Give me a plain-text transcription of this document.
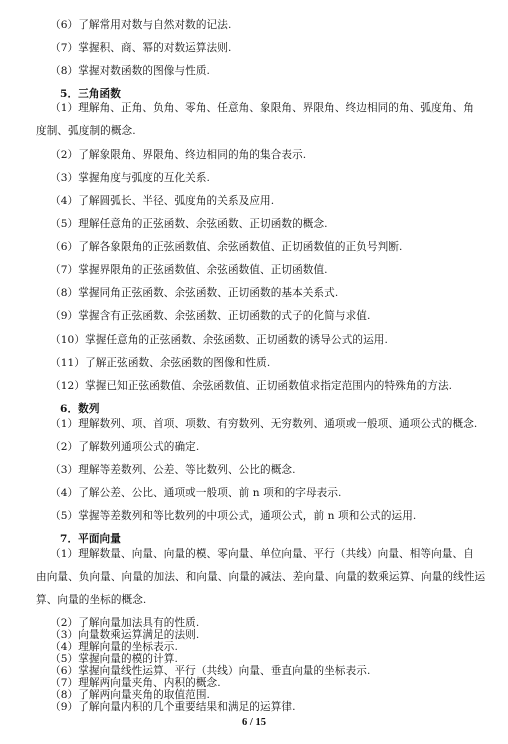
（6）了解常用对数与自然对数的记法.
（7）掌握积、商、幂的对数运算法则.
（8）掌握对数函数的图像与性质.
5．三角函数
（1）理解角、正角、负角、零角、任意角、象限角、界限角、终边相同的角、弧度角、角
度制、弧度制的概念.
（2）了解象限角、界限角、终边相同的角的集合表示.
（3）掌握角度与弧度的互化关系.
（4）了解圆弧长、半径、弧度角的关系及应用.
（5）理解任意角的正弦函数、余弦函数、正切函数的概念.
（6）了解各象限角的正弦函数值、余弦函数值、正切函数值的正负号判断.
（7）掌握界限角的正弦函数值、余弦函数值、正切函数值.
（8）掌握同角正弦函数、余弦函数、正切函数的基本关系式.
（9）掌握含有正弦函数、余弦函数、正切函数的式子的化简与求值.
（10）掌握任意角的正弦函数、余弦函数、正切函数的诱导公式的运用.
（11）了解正弦函数、余弦函数的图像和性质.
（12）掌握已知正弦函数值、余弦函数值、正切函数值求指定范围内的特殊角的方法.
6．数列
（1）理解数列、项、首项、项数、有穷数列、无穷数列、通项或一般项、通项公式的概念.
（2）了解数列通项公式的确定.
（3）理解等差数列、公差、等比数列、公比的概念.
（4）了解公差、公比、通项或一般项、前 n 项和的字母表示.
（5）掌握等差数列和等比数列的中项公式，通项公式，前 n 项和公式的运用.
7．平面向量
（1）理解数量、向量、向量的模、零向量、单位向量、平行（共线）向量、相等向量、自
由向量、负向量、向量的加法、和向量、向量的减法、差向量、向量的数乘运算、向量的线性运
算、向量的坐标的概念.
（2）了解向量加法具有的性质.
（3）向量数乘运算满足的法则.
（4）理解向量的坐标表示.
（5）掌握向量的模的计算.
6 / 15
（6）掌握向量线性运算、平行（共线）向量、垂直向量的坐标表示.
（7）理解两向量夹角、内积的概念.
（8）了解两向量夹角的取值范围.
（9）了解向量内积的几个重要结果和满足的运算律.
